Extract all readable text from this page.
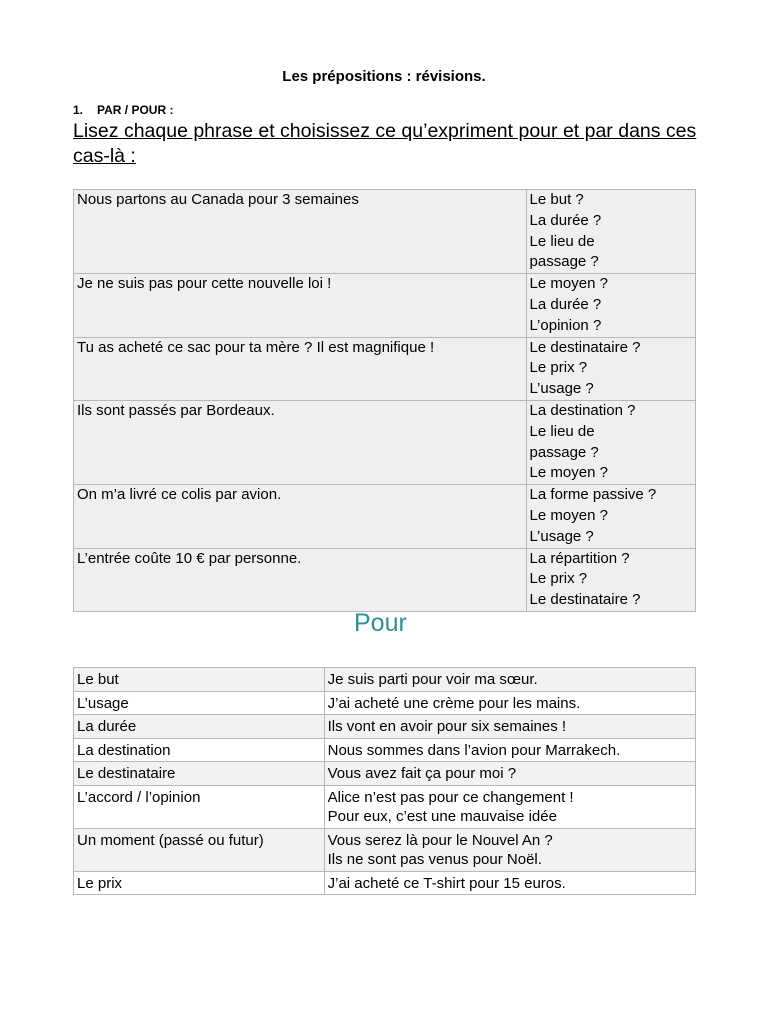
Les prépositions : révisions.
1. PAR / POUR :
Lisez chaque phrase et choisissez ce qu’expriment pour et par dans ces cas-là :
Nous partons au Canada pour 3 semaines	Le but ?
La durée ?
Le lieu de
passage ?

Je ne suis pas pour cette nouvelle loi !	Le moyen ?
La durée ?
L’opinion ?

Tu as acheté ce sac pour ta mère ? Il est magnifique !	Le destinataire ?
Le prix ?
L’usage ?

Ils sont passés par Bordeaux.	La destination ?
Le lieu de
passage ?
Le moyen ?

On m’a livré ce colis par avion.	La forme passive ?
Le moyen ?
L’usage ?

L’entrée coûte 10 € par personne.	La répartition ?
Le prix ?
Le destinataire ?
Pour
Le but	Je suis parti pour voir ma sœur.

L’usage	J’ai acheté une crème pour les mains.

La durée	Ils vont en avoir pour six semaines !

La destination	Nous sommes dans l’avion pour Marrakech.

Le destinataire	Vous avez fait ça pour moi ?

L’accord / l’opinion	Alice n’est pas pour ce changement !
Pour eux, c’est une mauvaise idée

Un moment (passé ou futur)	Vous serez là pour le Nouvel An ?
Ils ne sont pas venus pour Noël.

Le prix	J’ai acheté ce T-shirt pour 15 euros.
